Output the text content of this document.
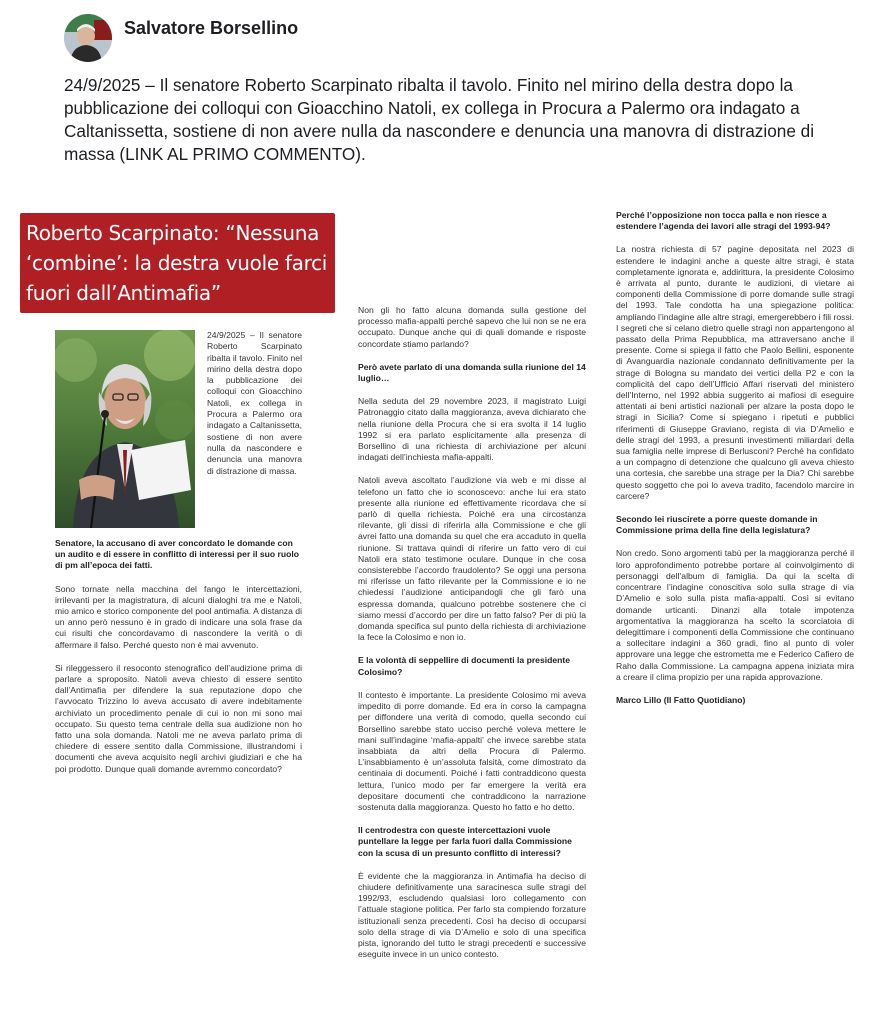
Salvatore Borsellino
24/9/2025 – Il senatore Roberto Scarpinato ribalta il tavolo. Finito nel mirino della destra dopo la pubblicazione dei colloqui con Gioacchino Natoli, ex collega in Procura a Palermo ora indagato a Caltanissetta, sostiene di non avere nulla da nascondere e denuncia una manovra di distrazione di massa (LINK AL PRIMO COMMENTO).
Roberto Scarpinato: “Nessuna ‘combine’: la destra vuole farci fuori dall’Antimafia”
24/9/2025 – Il senatore Roberto Scarpinato ribalta il tavolo. Finito nel mirino della destra dopo la pubblicazione dei colloqui con Gioacchino Natoli, ex collega in Procura a Palermo ora indagato a Caltanissetta, sostiene di non avere nulla da nascondere e denuncia una manovra di distrazione di massa.

Senatore, la accusano di aver concordato le domande con un audito e di essere in conflitto di interessi per il suo ruolo di pm all’epoca dei fatti.

Sono tornate nella macchina del fango le intercettazioni, irrilevanti per la magistratura, di alcuni dialoghi tra me e Natoli, mio amico e storico componente del pool antimafia. A distanza di un anno però nessuno è in grado di indicare una sola frase da cui risulti che concordavamo di nascondere la verità o di affermare il falso. Perché questo non è mai avvenuto.

Si rileggessero il resoconto stenografico dell’audizione prima di parlare a sproposito. Natoli aveva chiesto di essere sentito dall’Antimafia per difendere la sua reputazione dopo che l’avvocato Trizzino lo aveva accusato di avere indebitamente archiviato un procedimento penale di cui io non mi sono mai occupato. Su questo tema centrale della sua audizione non ho fatto una sola domanda. Natoli me ne aveva parlato prima di chiedere di essere sentito dalla Commissione, illustrandomi i documenti che aveva acquisito negli archivi giudiziari e che ha poi prodotto. Dunque quali domande avremmo concordato?

Non gli ho fatto alcuna domanda sulla gestione del processo mafia-appalti perché sapevo che lui non se ne era occupato. Dunque anche qui di quali domande e risposte concordate stiamo parlando?

Però avete parlato di una domanda sulla riunione del 14 luglio…

Nella seduta del 29 novembre 2023, il magistrato Luigi Patronaggio citato dalla maggioranza, aveva dichiarato che nella riunione della Procura che si era svolta il 14 luglio 1992 si era parlato esplicitamente alla presenza di Borsellino di una richiesta di archiviazione per alcuni indagati dell’inchiesta mafia-appalti.

Natoli aveva ascoltato l’audizione via web e mi disse al telefono un fatto che io sconoscevo: anche lui era stato presente alla riunione ed effettivamente ricordava che si parlò di quella richiesta. Poiché era una circostanza rilevante, gli dissi di riferirla alla Commissione e che gli avrei fatto una domanda su quel che era accaduto in quella riunione. Si trattava quindi di riferire un fatto vero di cui Natoli era stato testimone oculare. Dunque in che cosa consisterebbe l’accordo fraudolento? Se oggi una persona mi riferisse un fatto rilevante per la Commissione e io ne chiedessi l’audizione anticipandogli che gli farò una espressa domanda, qualcuno potrebbe sostenere che ci siamo messi d’accordo per dire un fatto falso? Per di più la domanda specifica sul punto della richiesta di archiviazione la fece la Colosimo e non io.

E la volontà di seppellire di documenti la presidente Colosimo?

Il contesto è importante. La presidente Colosimo mi aveva impedito di porre domande. Ed era in corso la campagna per diffondere una verità di comodo, quella secondo cui Borsellino sarebbe stato ucciso perché voleva mettere le mani sull’indagine ‘mafia-appalti’ che invece sarebbe stata insabbiata da altri della Procura di Palermo. L’insabbiamento è un’assoluta falsità, come dimostrato da centinaia di documenti. Poiché i fatti contraddicono questa lettura, l’unico modo per far emergere la verità era depositare documenti che contraddicono la narrazione sostenuta dalla maggioranza. Questo ho fatto e ho detto.

Il centrodestra con queste intercettazioni vuole puntellare la legge per farla fuori dalla Commissione con la scusa di un presunto conflitto di interessi?

È evidente che la maggioranza in Antimafia ha deciso di chiudere definitivamente una saracinesca sulle stragi del 1992/93, escludendo qualsiasi loro collegamento con l’attuale stagione politica. Per farlo sta compiendo forzature istituzionali senza precedenti. Così ha deciso di occuparsi solo della strage di via D’Amelio e solo di una specifica pista, ignorando del tutto le stragi precedenti e successive eseguite invece in un unico contesto.

Perché l’opposizione non tocca palla e non riesce a estendere l’agenda dei lavori alle stragi del 1993-94?

La nostra richiesta di 57 pagine depositata nel 2023 di estendere le indagini anche a queste altre stragi, è stata completamente ignorata e, addirittura, la presidente Colosimo è arrivata al punto, durante le audizioni, di vietare ai componenti della Commissione di porre domande sulle stragi del 1993. Tale condotta ha una spiegazione politica: ampliando l’indagine alle altre stragi, emergerebbero i fili rossi. I segreti che si celano dietro quelle stragi non appartengono al passato della Prima Repubblica, ma attraversano anche il presente. Come si spiega il fatto che Paolo Bellini, esponente di Avanguardia nazionale condannato definitivamente per la strage di Bologna su mandato dei vertici della P2 e con la complicità del capo dell’Ufficio Affari riservati del ministero dell’Interno, nel 1992 abbia suggerito ai mafiosi di eseguire attentati ai beni artistici nazionali per alzare la posta dopo le stragi in Sicilia? Come si spiegano i ripetuti e pubblici riferimenti di Giuseppe Graviano, regista di via D’Amelio e delle stragi del 1993, a presunti investimenti miliardari della sua famiglia nelle imprese di Berlusconi? Perché ha confidato a un compagno di detenzione che qualcuno gli aveva chiesto una cortesia, che sarebbe una strage per la Dia? Chi sarebbe questo soggetto che poi lo aveva tradito, facendolo marcire in carcere?

Secondo lei riuscirete a porre queste domande in Commissione prima della fine della legislatura?

Non credo. Sono argomenti tabù per la maggioranza perché il loro approfondimento potrebbe portare al coinvolgimento di personaggi dell’album di famiglia. Da qui la scelta di concentrare l’indagine conoscitiva solo sulla strage di via D’Amelio e solo sulla pista mafia-appalti. Così si evitano domande urticanti. Dinanzi alla totale impotenza argomentativa la maggioranza ha scelto la scorciatoia di delegittimare i componenti della Commissione che continuano a sollecitare indagini a 360 gradi, fino al punto di voler approvare una legge che estrometta me e Federico Cafiero de Raho dalla Commissione. La campagna appena iniziata mira a creare il clima propizio per una rapida approvazione.

Marco Lillo (Il Fatto Quotidiano)
